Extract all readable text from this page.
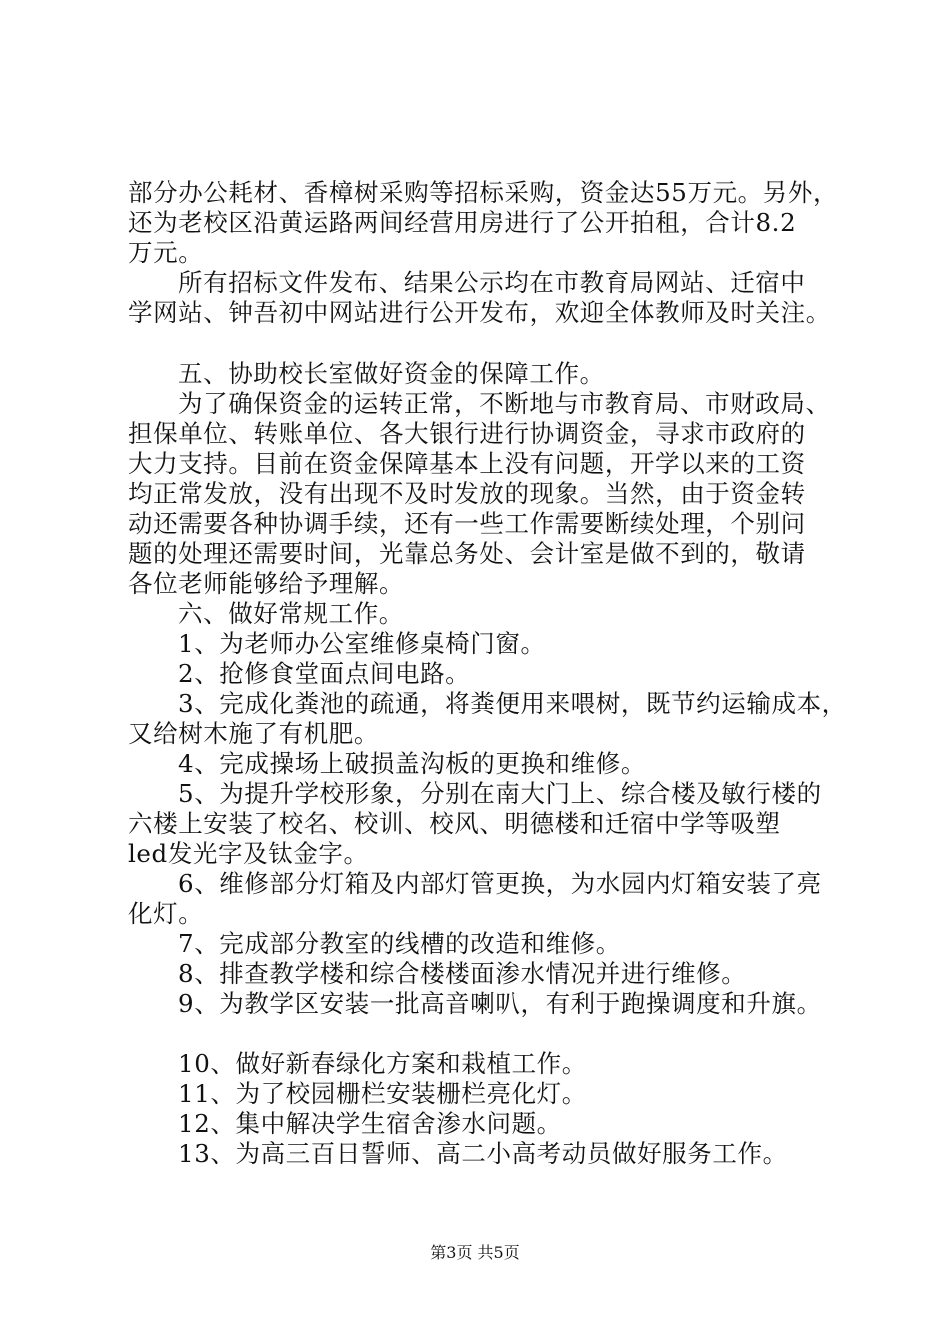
部分办公耗材、香樟树采购等招标采购，资金达55万元。另外，
还为老校区沿黄运路两间经营用房进行了公开拍租，合计8.2
万元。
所有招标文件发布、结果公示均在市教育局网站、迁宿中
学网站、钟吾初中网站进行公开发布，欢迎全体教师及时关注。
五、协助校长室做好资金的保障工作。
为了确保资金的运转正常，不断地与市教育局、市财政局、
担保单位、转账单位、各大银行进行协调资金，寻求市政府的
大力支持。目前在资金保障基本上没有问题，开学以来的工资
均正常发放，没有出现不及时发放的现象。当然，由于资金转
动还需要各种协调手续，还有一些工作需要断续处理，个别问
题的处理还需要时间，光靠总务处、会计室是做不到的，敬请
各位老师能够给予理解。
六、做好常规工作。
1、为老师办公室维修桌椅门窗。
2、抢修食堂面点间电路。
3、完成化粪池的疏通，将粪便用来喂树，既节约运输成本，
又给树木施了有机肥。
4、完成操场上破损盖沟板的更换和维修。
5、为提升学校形象，分别在南大门上、综合楼及敏行楼的
六楼上安装了校名、校训、校风、明德楼和迁宿中学等吸塑
led发光字及钛金字。
6、维修部分灯箱及内部灯管更换，为水园内灯箱安装了亮
化灯。
7、完成部分教室的线槽的改造和维修。
8、排查教学楼和综合楼楼面渗水情况并进行维修。
9、为教学区安装一批高音喇叭，有利于跑操调度和升旗。
10、做好新春绿化方案和栽植工作。
11、为了校园栅栏安装栅栏亮化灯。
12、集中解决学生宿舍渗水问题。
13、为高三百日誓师、高二小高考动员做好服务工作。
第3页 共5页
